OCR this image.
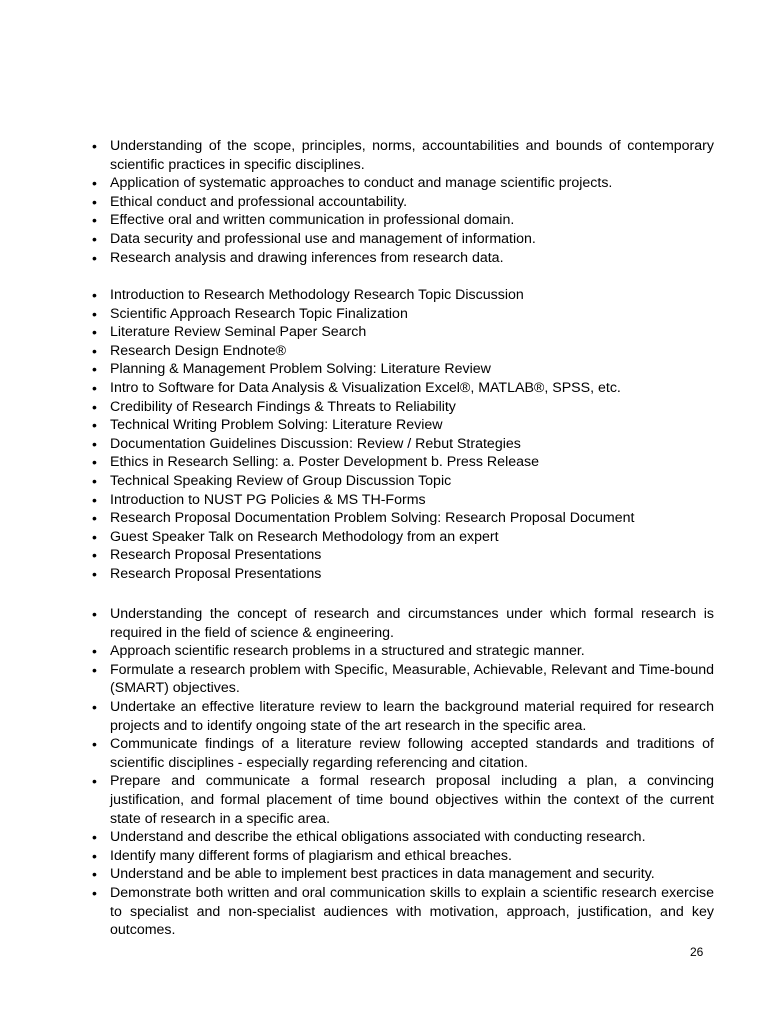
• Understanding of the scope, principles, norms, accountabilities and bounds of contemporary scientific practices in specific disciplines.
• Application of systematic approaches to conduct and manage scientific projects.
• Ethical conduct and professional accountability.
• Effective oral and written communication in professional domain.
• Data security and professional use and management of information.
• Research analysis and drawing inferences from research data.
• Introduction to Research Methodology Research Topic Discussion
• Scientific Approach Research Topic Finalization
• Literature Review Seminal Paper Search
• Research Design Endnote®
• Planning & Management Problem Solving: Literature Review
• Intro to Software for Data Analysis & Visualization Excel®, MATLAB®, SPSS, etc.
• Credibility of Research Findings & Threats to Reliability
• Technical Writing Problem Solving: Literature Review
• Documentation Guidelines Discussion: Review / Rebut Strategies
• Ethics in Research Selling: a. Poster Development b. Press Release
• Technical Speaking Review of Group Discussion Topic
• Introduction to NUST PG Policies & MS TH-Forms
• Research Proposal Documentation Problem Solving: Research Proposal Document
• Guest Speaker Talk on Research Methodology from an expert
• Research Proposal Presentations
• Research Proposal Presentations
• Understanding the concept of research and circumstances under which formal research is required in the field of science & engineering.
• Approach scientific research problems in a structured and strategic manner.
• Formulate a research problem with Specific, Measurable, Achievable, Relevant and Time-bound (SMART) objectives.
• Undertake an effective literature review to learn the background material required for research projects and to identify ongoing state of the art research in the specific area.
• Communicate findings of a literature review following accepted standards and traditions of scientific disciplines - especially regarding referencing and citation.
• Prepare and communicate a formal research proposal including a plan, a convincing justification, and formal placement of time bound objectives within the context of the current state of research in a specific area.
• Understand and describe the ethical obligations associated with conducting research.
• Identify many different forms of plagiarism and ethical breaches.
• Understand and be able to implement best practices in data management and security.
• Demonstrate both written and oral communication skills to explain a scientific research exercise to specialist and non-specialist audiences with motivation, approach, justification, and key outcomes.
26
